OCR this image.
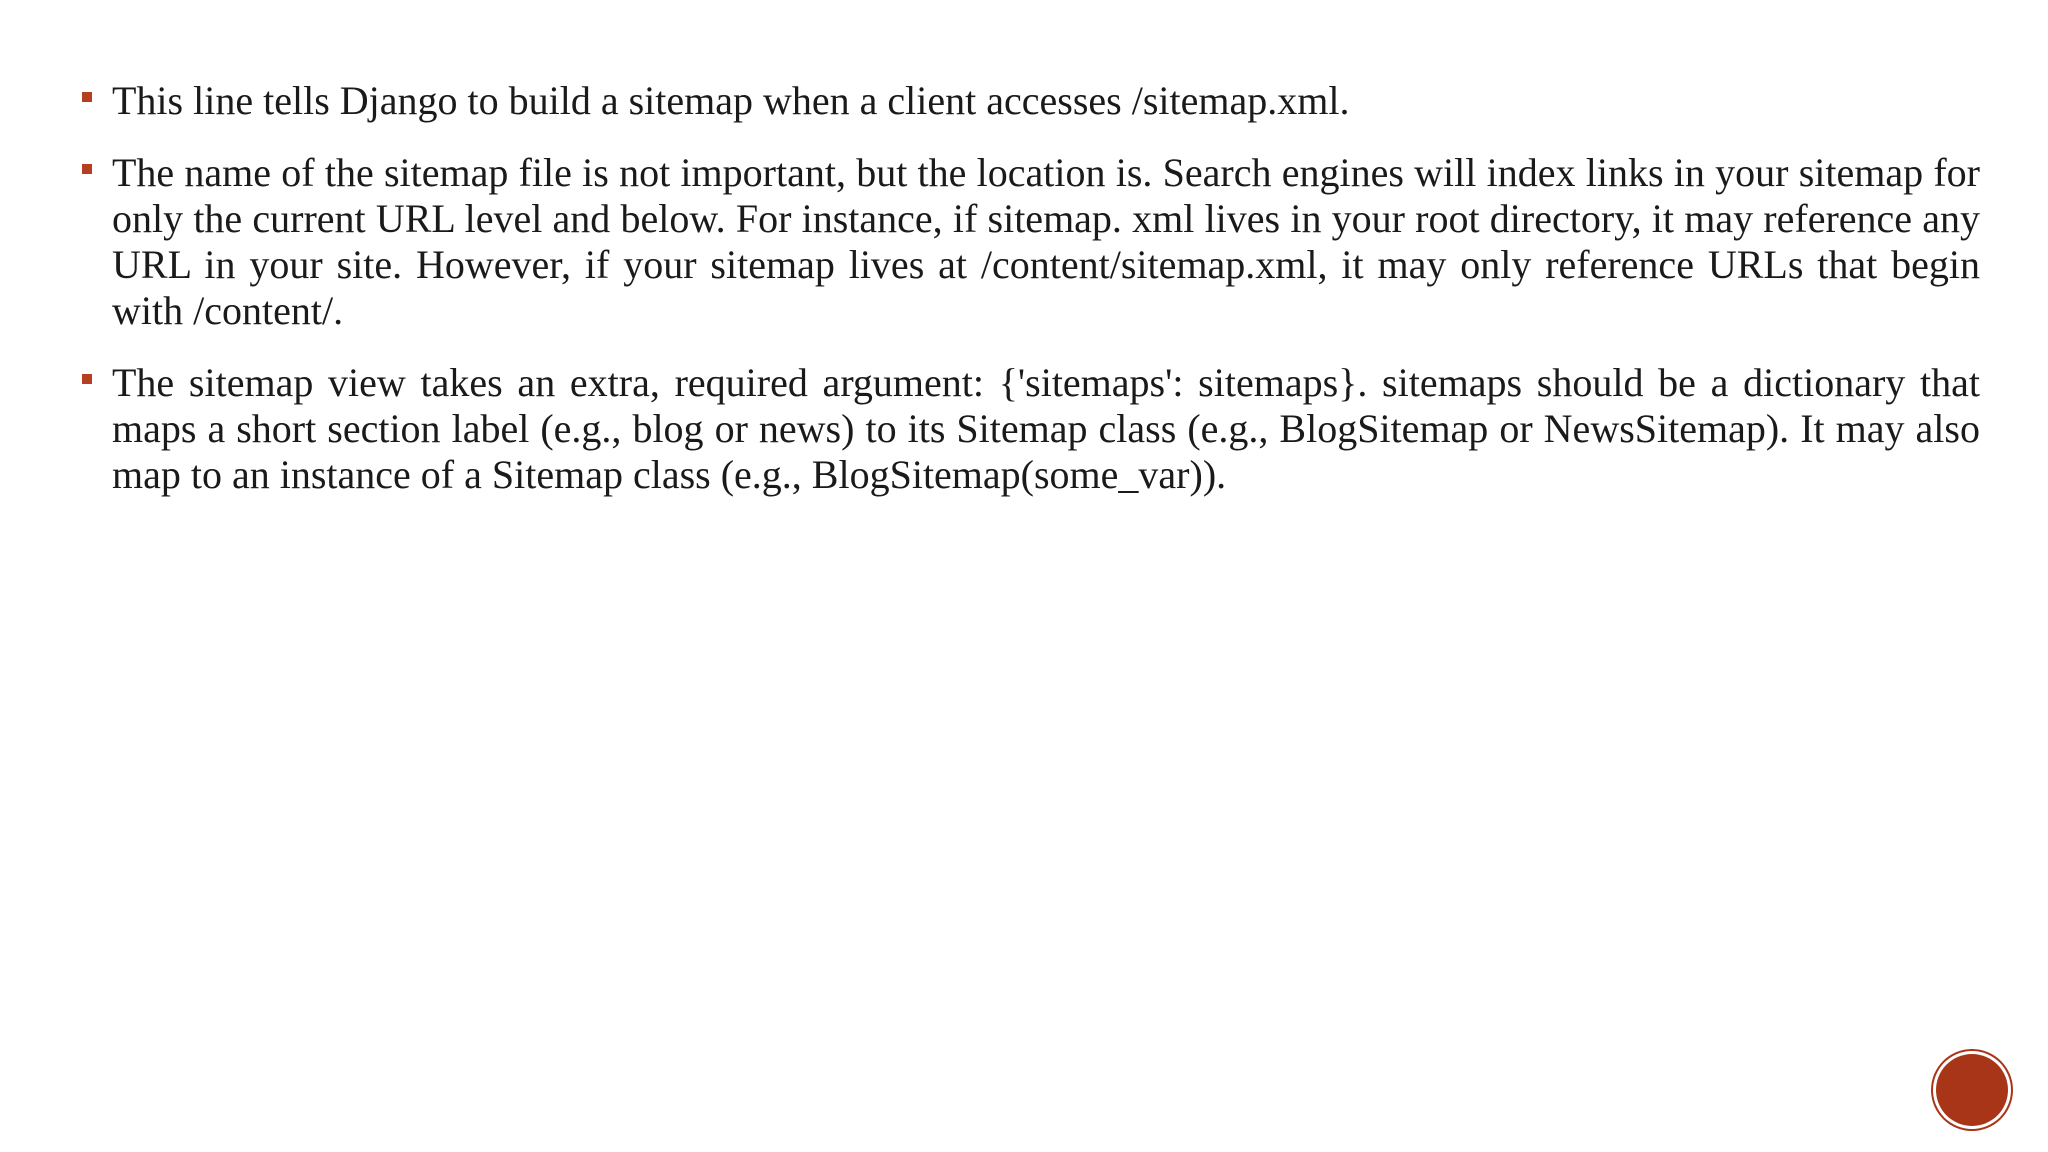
This line tells Django to build a sitemap when a client accesses /sitemap.xml.
The name of the sitemap file is not important, but the location is. Search engines will index links in your sitemap for only the current URL level and below. For instance, if sitemap. xml lives in your root directory, it may reference any URL in your site. However, if your sitemap lives at /content/sitemap.xml, it may only reference URLs that begin with /content/.
The sitemap view takes an extra, required argument: {'sitemaps': sitemaps}. sitemaps should be a dictionary that maps a short section label (e.g., blog or news) to its Sitemap class (e.g., BlogSitemap or NewsSitemap). It may also map to an instance of a Sitemap class (e.g., BlogSitemap(some_var)).
